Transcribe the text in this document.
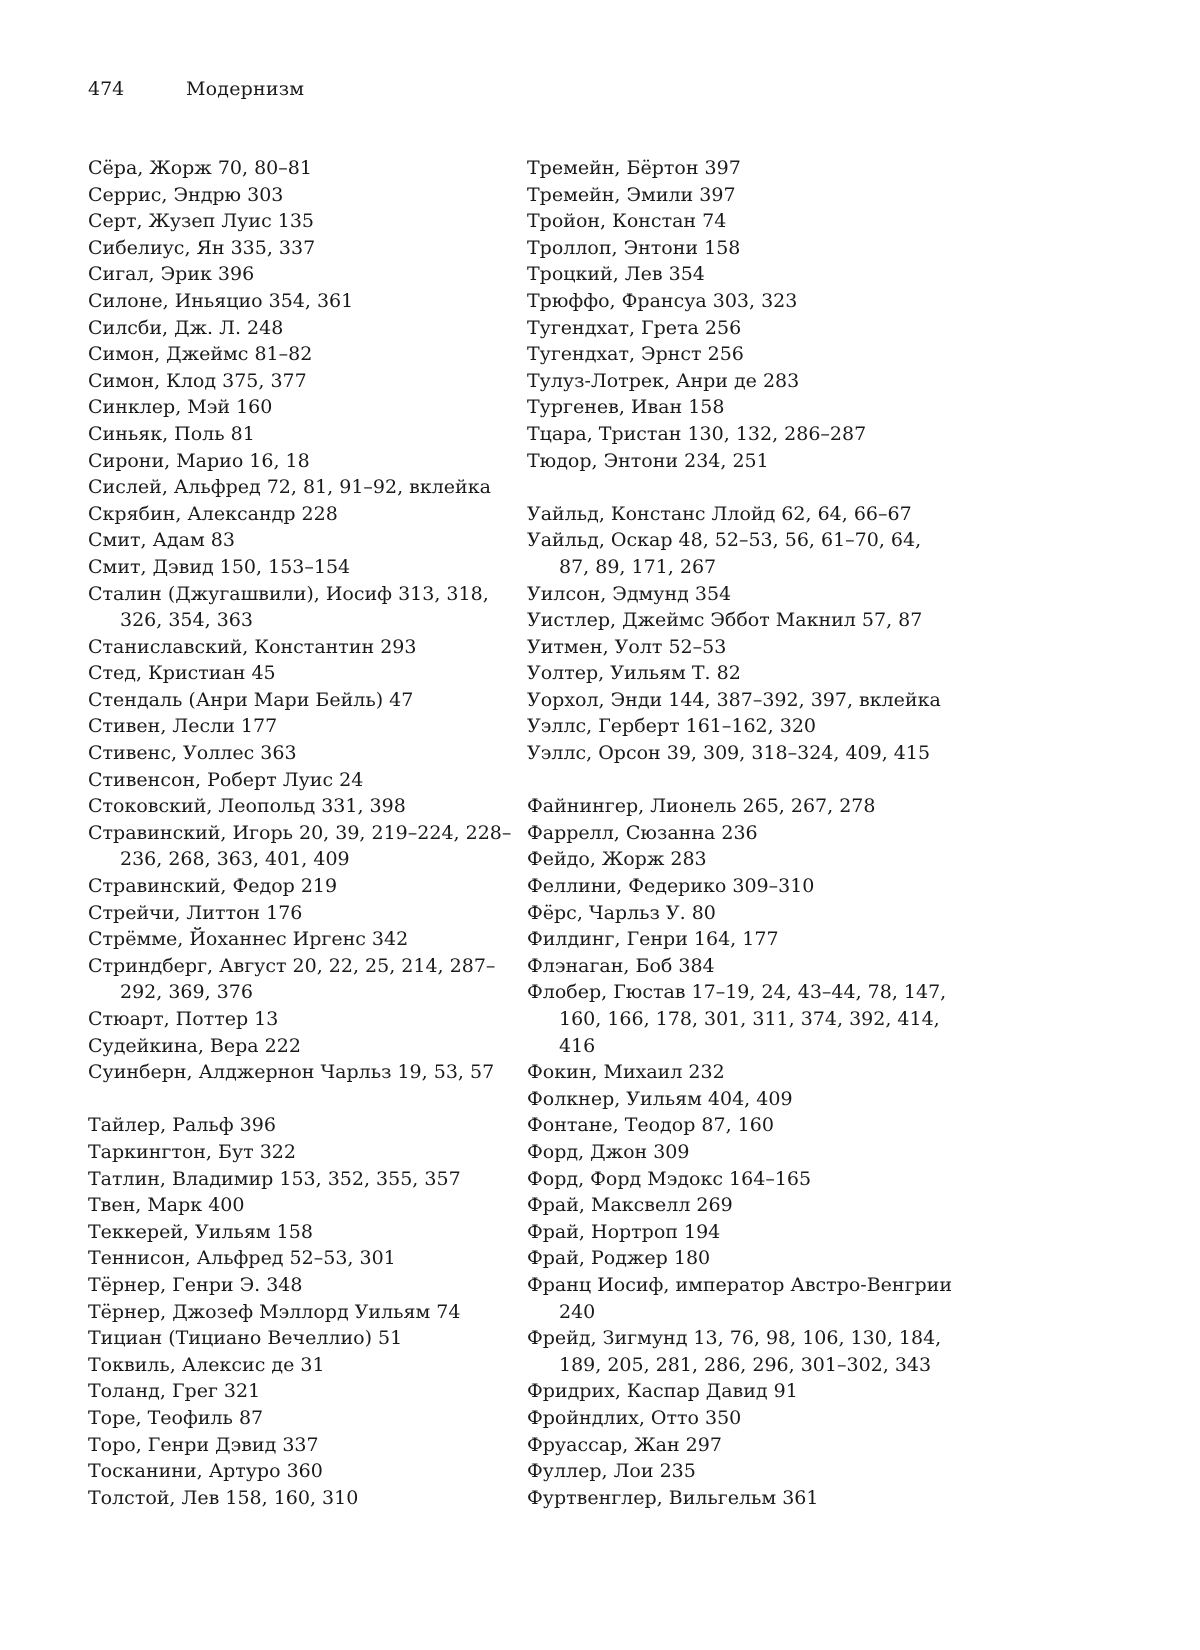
474	Модернизм
Сёра, Жорж 70, 80–81
Серрис, Эндрю 303
Серт, Жузеп Луис 135
Сибелиус, Ян 335, 337
Сигал, Эрик 396
Силоне, Иньяцио 354, 361
Силсби, Дж. Л. 248
Симон, Джеймс 81–82
Симон, Клод 375, 377
Синклер, Мэй 160
Синьяк, Поль 81
Сирони, Марио 16, 18
Сислей, Альфред 72, 81, 91–92, вклейка
Скрябин, Александр 228
Смит, Адам 83
Смит, Дэвид 150, 153–154
Сталин (Джугашвили), Иосиф 313, 318, 326, 354, 363
Станиславский, Константин 293
Стед, Кристиан 45
Стендаль (Анри Мари Бейль) 47
Стивен, Лесли 177
Стивенс, Уоллес 363
Стивенсон, Роберт Луис 24
Стоковский, Леопольд 331, 398
Стравинский, Игорь 20, 39, 219–224, 228–236, 268, 363, 401, 409
Стравинский, Федор 219
Стрейчи, Литтон 176
Стрёмме, Йоханнес Иргенс 342
Стриндберг, Август 20, 22, 25, 214, 287–292, 369, 376
Стюарт, Поттер 13
Судейкина, Вера 222
Суинберн, Алджернон Чарльз 19, 53, 57
Тайлер, Ральф 396
Таркингтон, Бут 322
Татлин, Владимир 153, 352, 355, 357
Твен, Марк 400
Теккерей, Уильям 158
Теннисон, Альфред 52–53, 301
Тёрнер, Генри Э. 348
Тёрнер, Джозеф Мэллорд Уильям 74
Тициан (Тициано Вечеллио) 51
Токвиль, Алексис де 31
Толанд, Грег 321
Торе, Теофиль 87
Торо, Генри Дэвид 337
Тосканини, Артуро 360
Толстой, Лев 158, 160, 310
Тремейн, Бёртон 397
Тремейн, Эмили 397
Тройон, Констан 74
Троллоп, Энтони 158
Троцкий, Лев 354
Трюффо, Франсуа 303, 323
Тугендхат, Грета 256
Тугендхат, Эрнст 256
Тулуз-Лотрек, Анри де 283
Тургенев, Иван 158
Тцара, Тристан 130, 132, 286–287
Тюдор, Энтони 234, 251
Уайльд, Констанс Ллойд 62, 64, 66–67
Уайльд, Оскар 48, 52–53, 56, 61–70, 64, 87, 89, 171, 267
Уилсон, Эдмунд 354
Уистлер, Джеймс Эббот Макнил 57, 87
Уитмен, Уолт 52–53
Уолтер, Уильям Т. 82
Уорхол, Энди 144, 387–392, 397, вклейка
Уэллс, Герберт 161–162, 320
Уэллс, Орсон 39, 309, 318–324, 409, 415
Файнингер, Лионель 265, 267, 278
Фаррелл, Сюзанна 236
Фейдо, Жорж 283
Феллини, Федерико 309–310
Фёрс, Чарльз У. 80
Филдинг, Генри 164, 177
Флэнаган, Боб 384
Флобер, Гюстав 17–19, 24, 43–44, 78, 147, 160, 166, 178, 301, 311, 374, 392, 414, 416
Фокин, Михаил 232
Фолкнер, Уильям 404, 409
Фонтане, Теодор 87, 160
Форд, Джон 309
Форд, Форд Мэдокс 164–165
Фрай, Максвелл 269
Фрай, Нортроп 194
Фрай, Роджер 180
Франц Иосиф, император Австро-Венгрии 240
Фрейд, Зигмунд 13, 76, 98, 106, 130, 184, 189, 205, 281, 286, 296, 301–302, 343
Фридрих, Каспар Давид 91
Фройндлих, Отто 350
Фруассар, Жан 297
Фуллер, Лои 235
Фуртвенглер, Вильгельм 361
